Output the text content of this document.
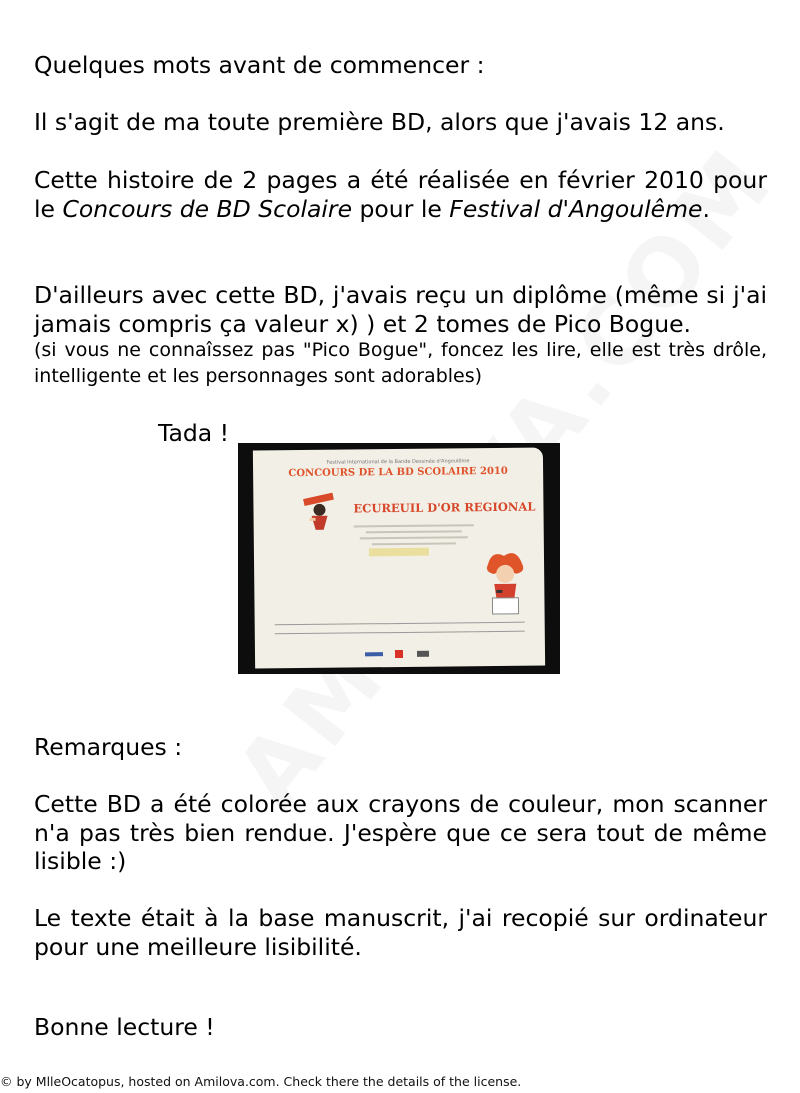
Quelques mots avant de commencer :

Il s'agit de ma toute première BD, alors que j'avais 12 ans.

Cette histoire de 2 pages a été réalisée en février 2010 pour le Concours de BD Scolaire pour le Festival d'Angoulême.

D'ailleurs avec cette BD, j'avais reçu un diplôme (même si j'ai jamais compris ça valeur x) ) et 2 tomes de Pico Bogue.

(si vous ne connaîssez pas "Pico Bogue", foncez les lire, elle est très drôle, intelligente et les personnages sont adorables)

Tada !
Festival International de la Bande Dessinée d'Angoulême
CONCOURS DE LA BD SCOLAIRE 2010
ECUREUIL D'OR REGIONAL

Remarques :

Cette BD a été colorée aux crayons de couleur, mon scanner n'a pas très bien rendue. J'espère que ce sera tout de même lisible :)

Le texte était à la base manuscrit, j'ai recopié sur ordinateur pour une meilleure lisibilité.

Bonne lecture !

© by MlleOcatopus, hosted on Amilova.com. Check there the details of the license.
